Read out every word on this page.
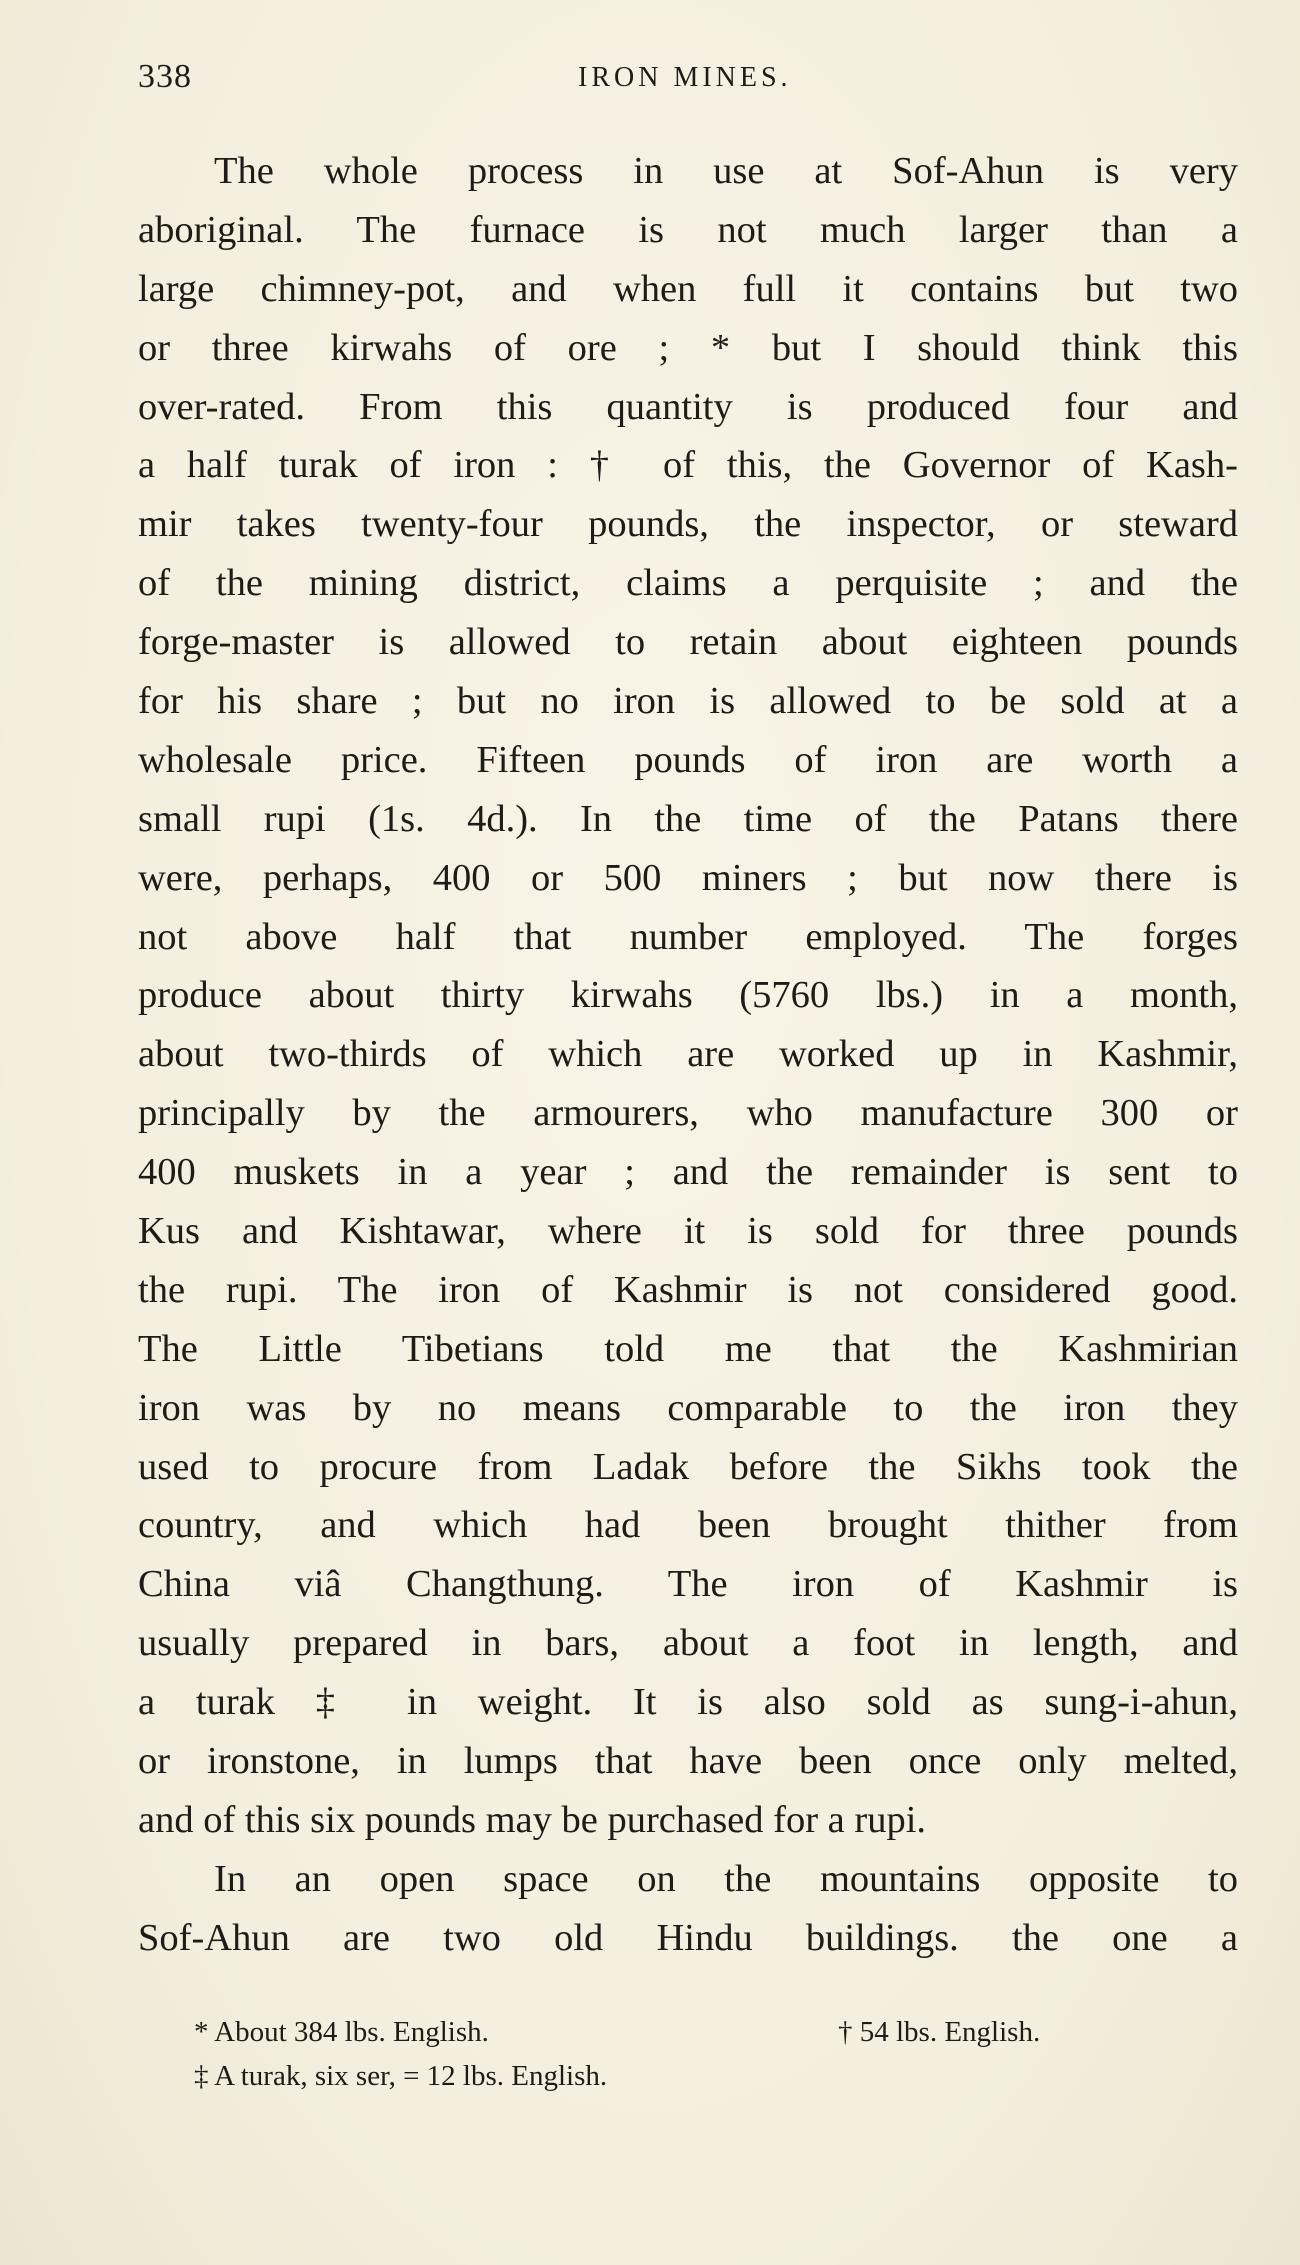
338	IRON MINES.
The whole process in use at Sof-Ahun is very
aboriginal. The furnace is not much larger than a
large chimney-pot, and when full it contains but two
or three kirwahs of ore ; * but I should think this
over-rated. From this quantity is produced four and
a half turak of iron : † of this, the Governor of Kash-
mir takes twenty-four pounds, the inspector, or steward
of the mining district, claims a perquisite ; and the
forge-master is allowed to retain about eighteen pounds
for his share ; but no iron is allowed to be sold at a
wholesale price. Fifteen pounds of iron are worth a
small rupi (1s. 4d.). In the time of the Patans there
were, perhaps, 400 or 500 miners ; but now there is
not above half that number employed. The forges
produce about thirty kirwahs (5760 lbs.) in a month,
about two-thirds of which are worked up in Kashmir,
principally by the armourers, who manufacture 300 or
400 muskets in a year ; and the remainder is sent to
Kus and Kishtawar, where it is sold for three pounds
the rupi. The iron of Kashmir is not considered good.
The Little Tibetians told me that the Kashmirian
iron was by no means comparable to the iron they
used to procure from Ladak before the Sikhs took the
country, and which had been brought thither from
China viâ Changthung. The iron of Kashmir is
usually prepared in bars, about a foot in length, and
a turak ‡ in weight. It is also sold as sung-i-ahun,
or ironstone, in lumps that have been once only melted,
and of this six pounds may be purchased for a rupi.
In an open space on the mountains opposite to
Sof-Ahun are two old Hindu buildings. the one a
* About 384 lbs. English.	† 54 lbs. English.
‡ A turak, six ser, = 12 lbs. English.
